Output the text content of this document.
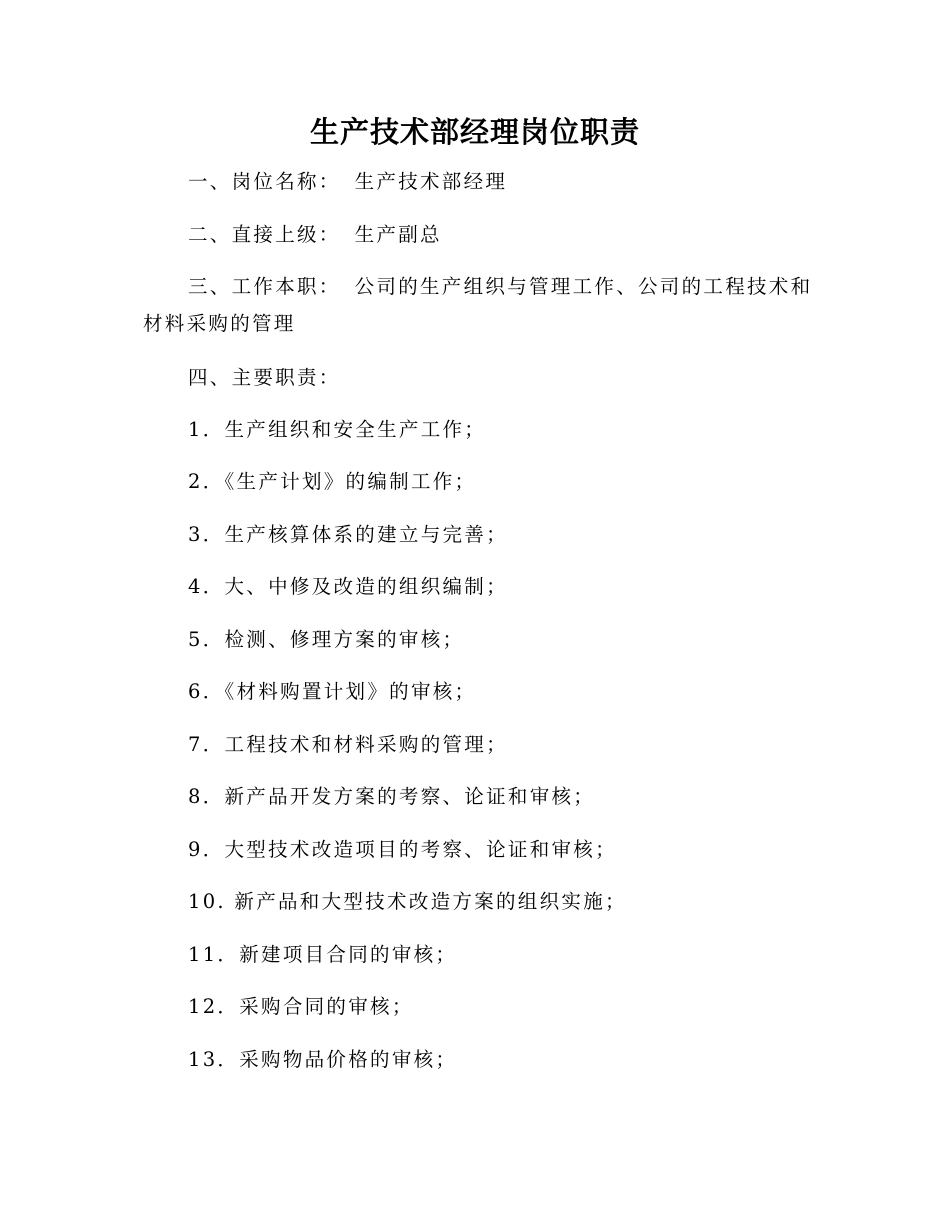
生产技术部经理岗位职责
一、岗位名称： 生产技术部经理
二、直接上级： 生产副总
三、工作本职： 公司的生产组织与管理工作、公司的工程技术和
材料采购的管理
四、主要职责：
1．生产组织和安全生产工作；
2．《生产计划》的编制工作；
3．生产核算体系的建立与完善；
4．大、中修及改造的组织编制；
5．检测、修理方案的审核；
6．《材料购置计划》的审核；
7．工程技术和材料采购的管理；
8．新产品开发方案的考察、论证和审核；
9．大型技术改造项目的考察、论证和审核；
10. 新产品和大型技术改造方案的组织实施；
11．新建项目合同的审核；
12．采购合同的审核；
13．采购物品价格的审核；
